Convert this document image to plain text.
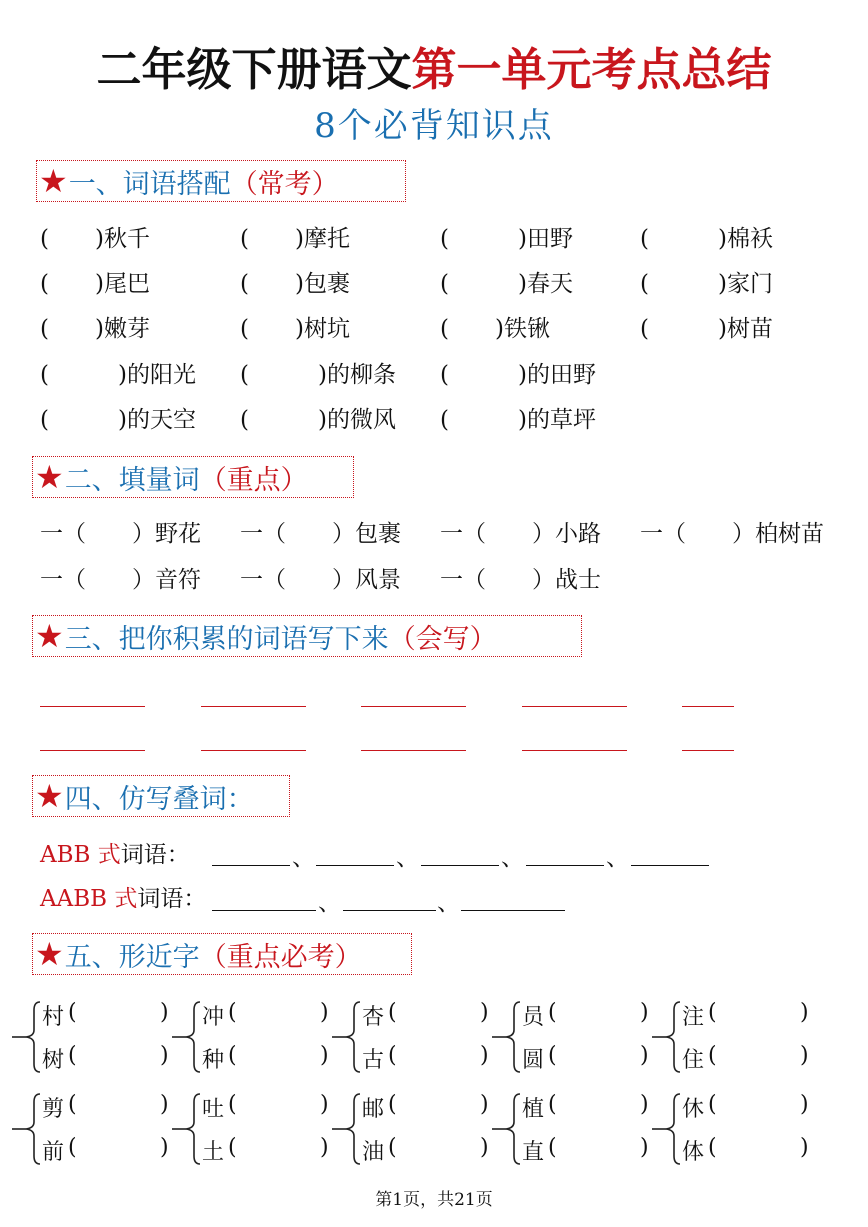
二年级下册语文第一单元考点总结
8个必背知识点
★ 一、词语搭配 （常考）
(　　)秋千	(　　)摩托	(　　　)田野	(　　　)棉袄
(　　)尾巴	(　　)包裹	(　　　)春天	(　　　)家门
(　　)嫩芽	(　　)树坑	(　　)铁锹	(　　　)树苗
(　　　)的阳光 (　　　)的柳条 (　　　)的田野
(　　　)的天空 (　　　)的微风 (　　　)的草坪
★ 二、填量词 （重点）
一（　　）野花 一（　　）包裹 一（　　）小路 一（　　）柏树苗
一（　　）音符 一（　　）风景 一（　　）战士
★ 三、把你积累的词语写下来 （会写）
★ 四、仿写叠词：
ABB 式词语：	、	、	、	、
AABB 式词语：	、	、
★ 五、形近字 （重点必考）
村 (	)
树 (	)
冲 (	)
种 (	)
杏 (	)
古 (	)
员 (	)
圆 (	)
注 (	)
住 (	)
剪 (	)
前 (	)
吐 (	)
土 (	)
邮 (	)
油 (	)
植 (	)
直 (	)
休 (	)
体 (	)
第1页，共21页
